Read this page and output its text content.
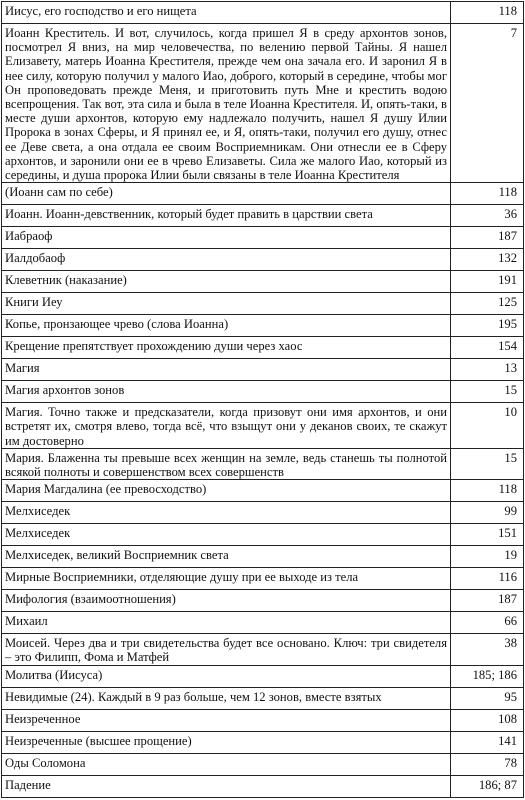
Иисус, его господство и его нищета	118
Иоанн Креститель. И вот, случилось, когда пришел Я в среду архонтов зонов, посмотрел Я вниз, на мир человечества, по велению первой Тайны. Я нашел Елизавету, матерь Иоанна Крестителя, прежде чем она зачала его. И заронил Я в нее силу, которую получил у малого Иао, доброго, который в середине, чтобы мог Он проповедовать прежде Меня, и приготовить путь Мне и крестить водою всепрощения. Так вот, эта сила и была в теле Иоанна Крестителя. И, опять-таки, в месте души архонтов, которую ему надлежало получить, нашел Я душу Илии Пророка в зонах Сферы, и Я принял ее, и Я, опять-таки, получил его душу, отнес ее Деве света, а она отдала ее своим Восприемникам. Они отнесли ее в Сферу архонтов, и заронили они ее в чрево Елизаветы. Сила же малого Иао, который из середины, и душа пророка Илии были связаны в теле Иоанна Крестителя	7
(Иоанн сам по себе)	118
Иоанн. Иоанн-девственник, который будет править в царствии света	36
Иабраоф	187
Иалдобаоф	132
Клеветник (наказание)	191
Книги Иеу	125
Копье, пронзающее чрево (слова Иоанна)	195
Крещение препятствует прохождению души через хаос	154
Магия	13
Магия архонтов зонов	15
Магия. Точно также и предсказатели, когда призовут они имя архонтов, и они встретят их, смотря влево, тогда всё, что взыщут они у деканов своих, те скажут им достоверно	10
Мария. Блаженна ты превыше всех женщин на земле, ведь станешь ты полнотой всякой полноты и совершенством всех совершенств	15
Мария Магдалина (ее превосходство)	118
Мелхиседек	99
Мелхиседек	151
Мелхиседек, великий Восприемник света	19
Мирные Восприемники, отделяющие душу при ее выходе из тела	116
Мифология (взаимоотношения)	187
Михаил	66
Моисей. Через два и три свидетельства будет все основано. Ключ: три свидетеля – это Филипп, Фома и Матфей	38
Молитва (Иисуса)	185; 186
Невидимые (24). Каждый в 9 раз больше, чем 12 зонов, вместе взятых	95
Неизреченное	108
Неизреченные (высшее прощение)	141
Оды Соломона	78
Падение	186; 87
